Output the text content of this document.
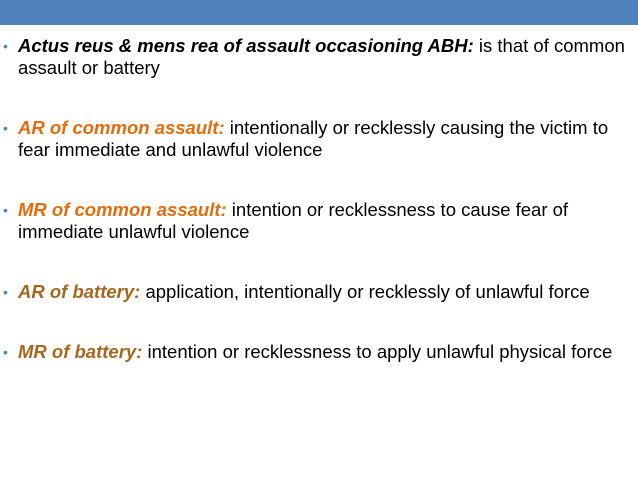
• Actus reus & mens rea of assault occasioning ABH: is that of common assault or battery
• AR of common assault: intentionally or recklessly causing the victim to fear immediate and unlawful violence
• MR of common assault: intention or recklessness to cause fear of immediate unlawful violence
• AR of battery: application, intentionally or recklessly of unlawful force
• MR of battery: intention or recklessness to apply unlawful physical force
